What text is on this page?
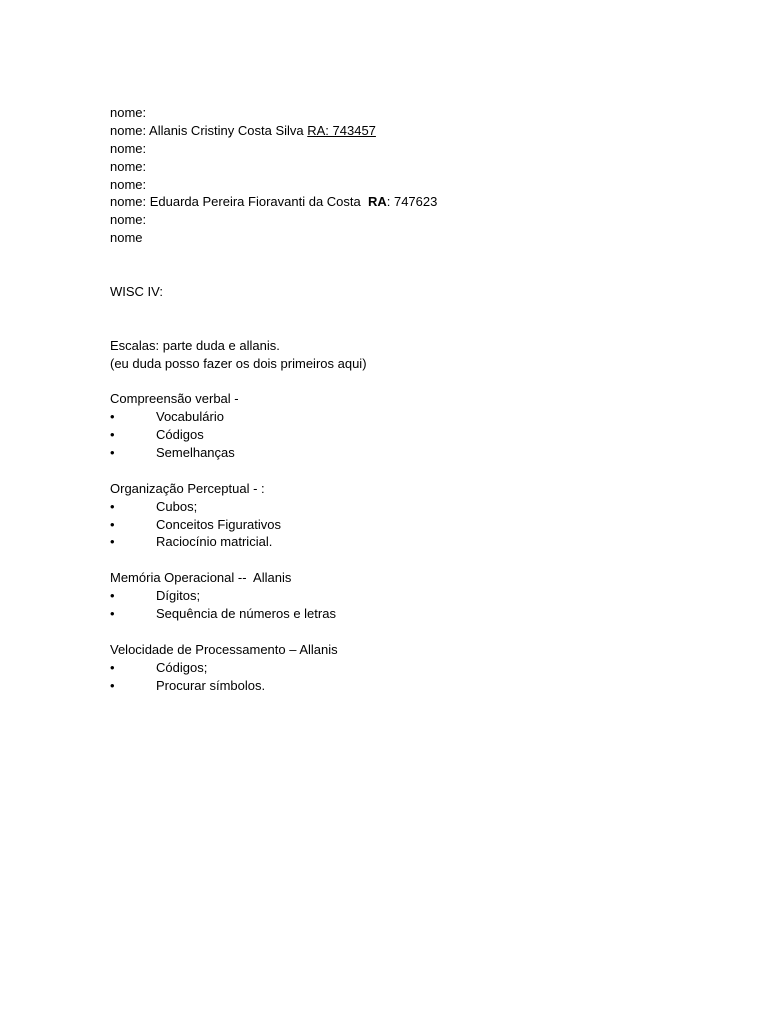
nome:
nome: Allanis Cristiny Costa Silva RA: 743457
nome:
nome:
nome:
nome: Eduarda Pereira Fioravanti da Costa  RA: 747623
nome:
nome
WISC IV:
Escalas: parte duda e allanis.
(eu duda posso fazer os dois primeiros aqui)
Compreensão verbal -
•	Vocabulário
•	Códigos
•	Semelhanças
Organização Perceptual - :
•	Cubos;
•	Conceitos Figurativos
•	Raciocínio matricial.
Memória Operacional --  Allanis
•	Dígitos;
•	Sequência de números e letras
Velocidade de Processamento – Allanis
•	Códigos;
•	Procurar símbolos.
